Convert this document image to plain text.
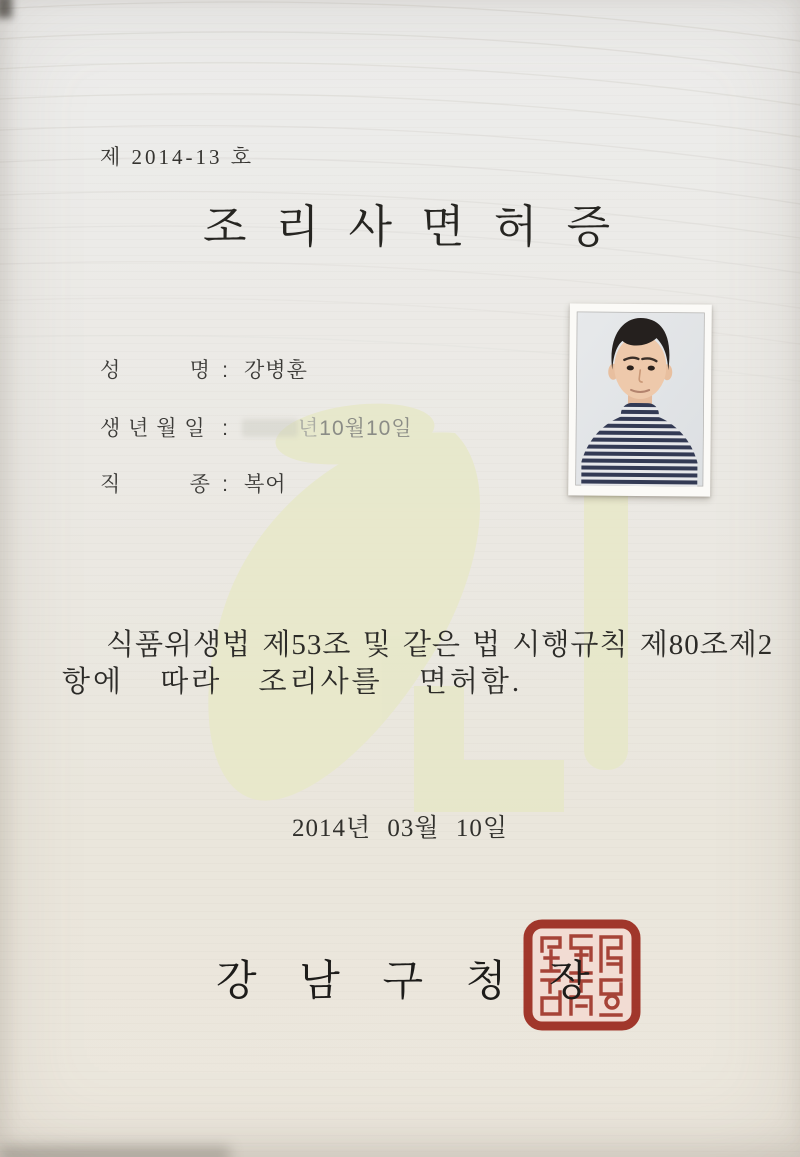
제 2014-13 호
조 리 사 면 허 증
성          명 : 강병훈
생 년 월 일 :	년10월10일
직          종 : 복어
식품위생법 제53조 및 같은 법 시행규칙 제80조제2
항에 따라 조리사를 면허함.
2014년 03월 10일
강 남 구 청 장
